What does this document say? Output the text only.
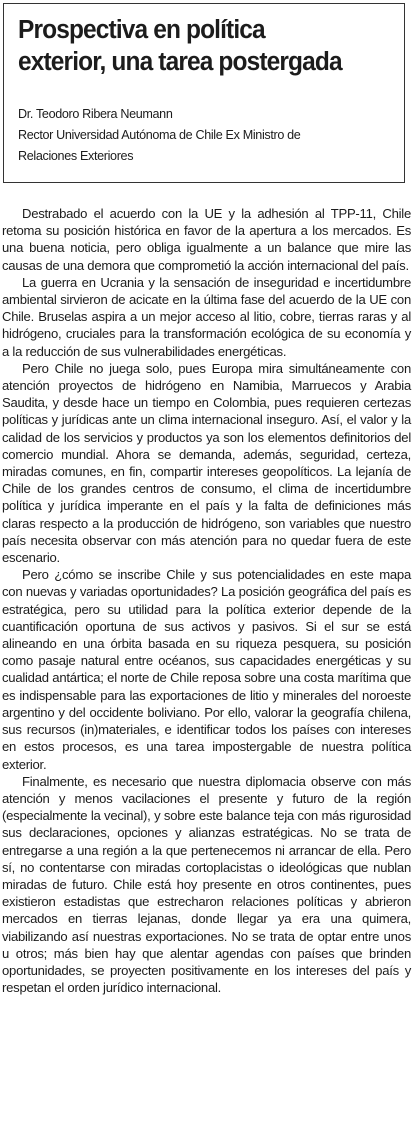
Prospectiva en política
exterior, una tarea postergada
Dr. Teodoro Ribera Neumann
Rector Universidad Autónoma de Chile Ex Ministro de
Relaciones Exteriores

Destrabado el acuerdo con la UE y la adhesión al TPP-11, Chile retoma su posición histórica en favor de la apertura a los mercados. Es una buena noticia, pero obliga igualmente a un balance que mire las causas de una demora que comprometió la acción internacional del país.

La guerra en Ucrania y la sensación de inseguridad e incertidumbre ambiental sirvieron de acicate en la última fase del acuerdo de la UE con Chile. Bruselas aspira a un mejor acceso al litio, cobre, tierras raras y al hidrógeno, cruciales para la transformación ecológica de su economía y a la reducción de sus vulnerabilidades energéticas.

Pero Chile no juega solo, pues Europa mira simultáneamente con atención proyectos de hidrógeno en Namibia, Marruecos y Arabia Saudita, y desde hace un tiempo en Colombia, pues requieren certezas políticas y jurídicas ante un clima internacional inseguro. Así, el valor y la calidad de los servicios y productos ya son los elementos definitorios del comercio mundial. Ahora se demanda, además, seguridad, certeza, miradas comunes, en fin, compartir intereses geopolíticos. La lejanía de Chile de los grandes centros de consumo, el clima de incertidumbre política y jurídica imperante en el país y la falta de definiciones más claras respecto a la producción de hidrógeno, son variables que nuestro país necesita observar con más atención para no quedar fuera de este escenario.

Pero ¿cómo se inscribe Chile y sus potencialidades en este mapa con nuevas y variadas oportunidades? La posición geográfica del país es estratégica, pero su utilidad para la política exterior depende de la cuantificación oportuna de sus activos y pasivos. Si el sur se está alineando en una órbita basada en su riqueza pesquera, su posición como pasaje natural entre océanos, sus capacidades energéticas y su cualidad antártica; el norte de Chile reposa sobre una costa marítima que es indispensable para las exportaciones de litio y minerales del noroeste argentino y del occidente boliviano. Por ello, valorar la geografía chilena, sus recursos (in)materiales, e identificar todos los países con intereses en estos procesos, es una tarea impostergable de nuestra política exterior.

Finalmente, es necesario que nuestra diplomacia observe con más atención y menos vacilaciones el presente y futuro de la región (especialmente la vecinal), y sobre este balance teja con más rigurosidad sus declaraciones, opciones y alianzas estratégicas. No se trata de entregarse a una región a la que pertenecemos ni arrancar de ella. Pero sí, no contentarse con miradas cortoplacistas o ideológicas que nublan miradas de futuro. Chile está hoy presente en otros continentes, pues existieron estadistas que estrecharon relaciones políticas y abrieron mercados en tierras lejanas, donde llegar ya era una quimera, viabilizando así nuestras exportaciones. No se trata de optar entre unos u otros; más bien hay que alentar agendas con países que brinden oportunidades, se proyecten positivamente en los intereses del país y respetan el orden jurídico internacional.
